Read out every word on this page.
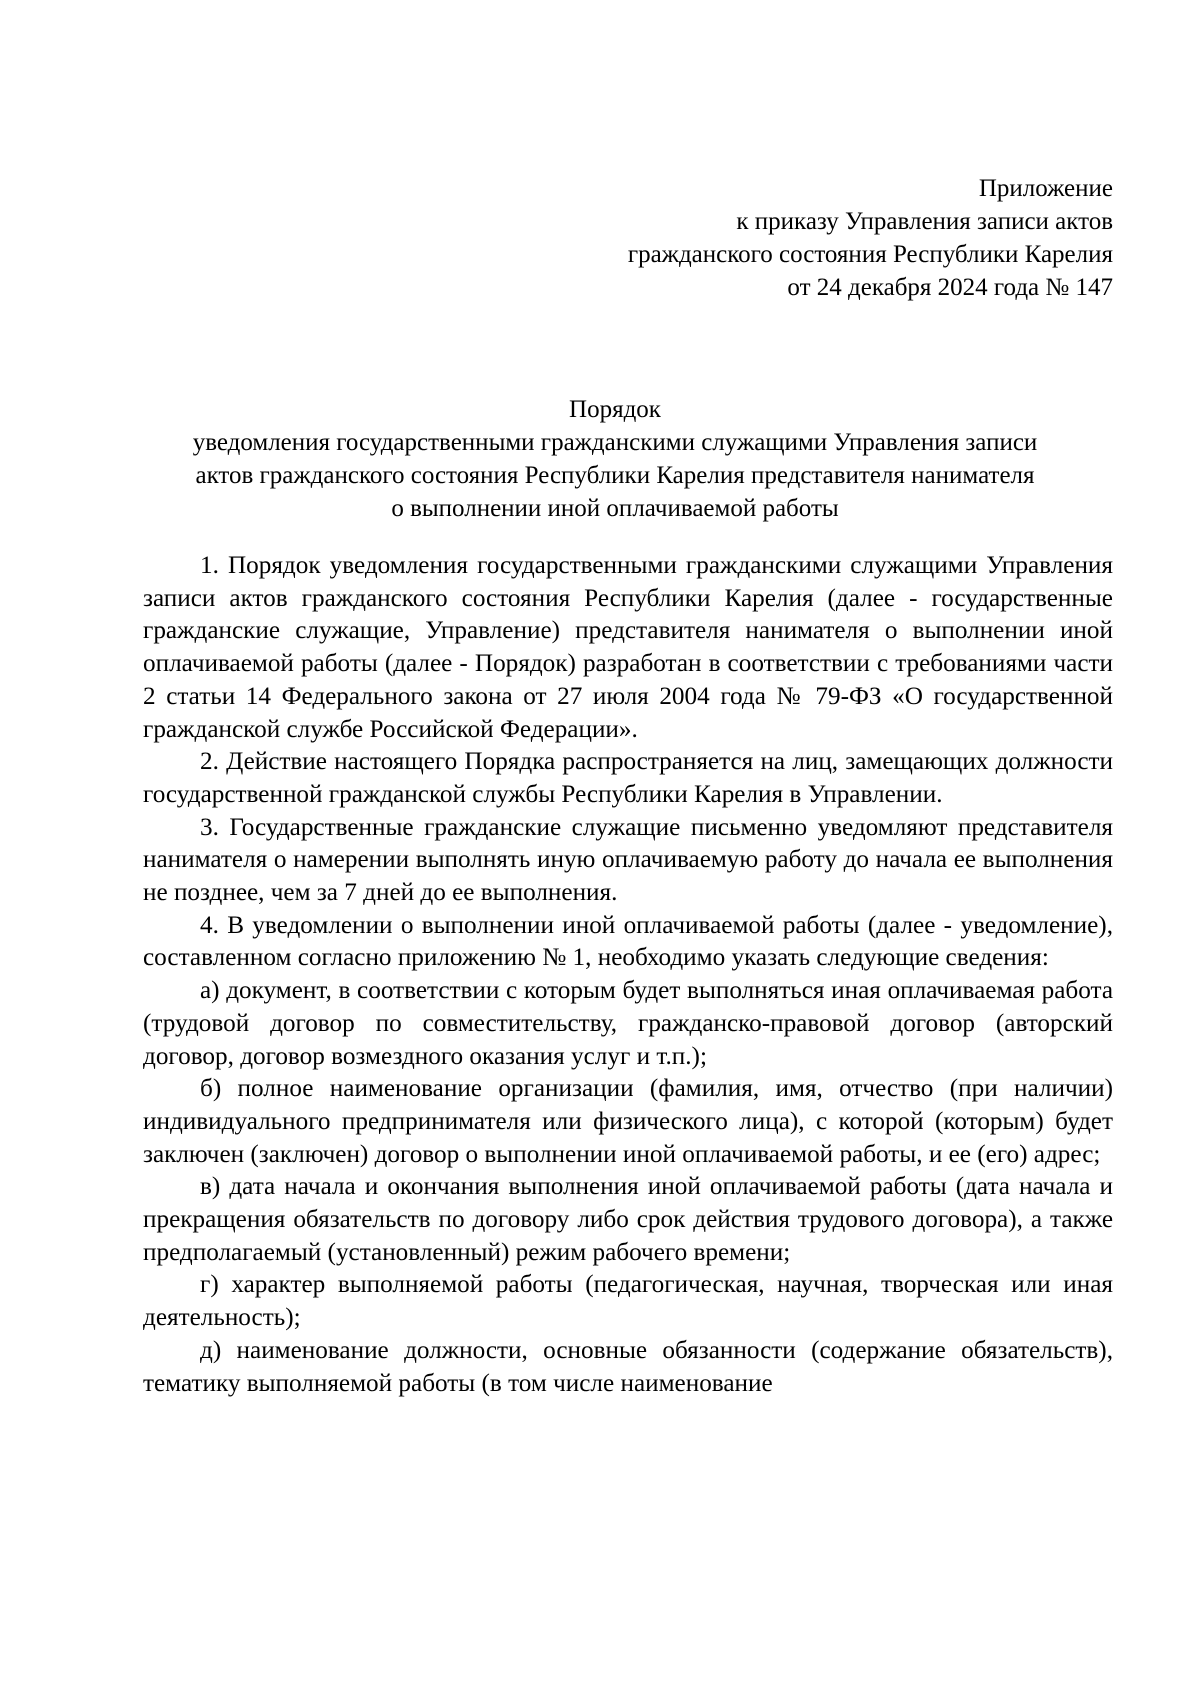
Приложение
к приказу Управления записи актов
гражданского состояния Республики Карелия
от 24 декабря 2024 года № 147
Порядок
уведомления государственными гражданскими служащими Управления записи
актов гражданского состояния Республики Карелия представителя нанимателя
о выполнении иной оплачиваемой работы

1. Порядок уведомления государственными гражданскими служащими Управления записи актов гражданского состояния Республики Карелия (далее - государственные гражданские служащие, Управление) представителя нанимателя о выполнении иной оплачиваемой работы (далее - Порядок) разработан в соответствии с требованиями части 2 статьи 14 Федерального закона от 27 июля 2004 года № 79-ФЗ «О государственной гражданской службе Российской Федерации».

2. Действие настоящего Порядка распространяется на лиц, замещающих должности государственной гражданской службы Республики Карелия в Управлении.

3. Государственные гражданские служащие письменно уведомляют представителя нанимателя о намерении выполнять иную оплачиваемую работу до начала ее выполнения не позднее, чем за 7 дней до ее выполнения.

4. В уведомлении о выполнении иной оплачиваемой работы (далее - уведомление), составленном согласно приложению № 1, необходимо указать следующие сведения:

а) документ, в соответствии с которым будет выполняться иная оплачиваемая работа (трудовой договор по совместительству, гражданско-правовой договор (авторский договор, договор возмездного оказания услуг и т.п.);

б) полное наименование организации (фамилия, имя, отчество (при наличии) индивидуального предпринимателя или физического лица), с которой (которым) будет заключен (заключен) договор о выполнении иной оплачиваемой работы, и ее (его) адрес;

в) дата начала и окончания выполнения иной оплачиваемой работы (дата начала и прекращения обязательств по договору либо срок действия трудового договора), а также предполагаемый (установленный) режим рабочего времени;

г) характер выполняемой работы (педагогическая, научная, творческая или иная деятельность);

д) наименование должности, основные обязанности (содержание обязательств), тематику выполняемой работы (в том числе наименование
